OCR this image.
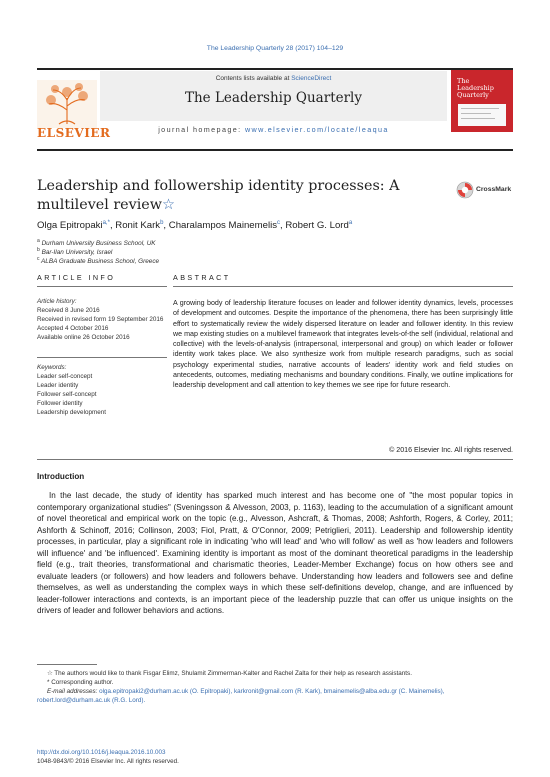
The Leadership Quarterly 28 (2017) 104–129
ELSEVIER
Contents lists available at ScienceDirect
The Leadership Quarterly
journal homepage: www.elsevier.com/locate/leaqua
The
Leadership
Quarterly
Leadership and followership identity processes: A multilevel review☆
CrossMark
Olga Epitropaki$^{a,*}$, Ronit Kark$^b$, Charalampos Mainemelis$^c$, Robert G. Lord$^a$
$^a$ Durham University Business School, UK
$^b$ Bar-Ilan University, Israel
$^c$ ALBA Graduate Business School, Greece
ARTICLE INFO	ABSTRACT
Article history:
Received 8 June 2016
Received in revised form 19 September 2016
Accepted 4 October 2016
Available online 26 October 2016
Keywords:
Leader self-concept
Leader identity
Follower self-concept
Follower identity
Leadership development
A growing body of leadership literature focuses on leader and follower identity dynamics, levels, processes of development and outcomes. Despite the importance of the phenomena, there has been surprisingly little effort to systematically review the widely dispersed literature on leader and follower identity. In this review we map existing studies on a multilevel framework that integrates levels-of-the self (individual, relational and collective) with the levels-of-analysis (intrapersonal, interpersonal and group) on which leader or follower identity work takes place. We also synthesize work from multiple research paradigms, such as social psychology experimental studies, narrative accounts of leaders' identity work and field studies on antecedents, outcomes, mediating mechanisms and boundary conditions. Finally, we outline implications for leadership development and call attention to key themes we see ripe for future research.
© 2016 Elsevier Inc. All rights reserved.
Introduction
In the last decade, the study of identity has sparked much interest and has become one of "the most popular topics in contemporary organizational studies" (Sveningsson & Alvesson, 2003, p. 1163), leading to the accumulation of a significant amount of novel theoretical and empirical work on the topic (e.g., Alvesson, Ashcraft, & Thomas, 2008; Ashforth, Rogers, & Corley, 2011; Ashforth & Schinoff, 2016; Collinson, 2003; Fiol, Pratt, & O'Connor, 2009; Petriglieri, 2011). Leadership and followership identity processes, in particular, play a significant role in indicating 'who will lead' and 'who will follow' as well as 'how leaders and followers will influence' and 'be influenced'. Examining identity is important as most of the dominant theoretical paradigms in the leadership field (e.g., trait theories, transformational and charismatic theories, Leader-Member Exchange) focus on how others see and evaluate leaders (or followers) and how leaders and followers behave. Understanding how leaders and followers see and define themselves, as well as understanding the complex ways in which these self-definitions develop, change, and are influenced by leader-follower interactions and contexts, is an important piece of the leadership puzzle that can offer us unique insights on the drivers of leader and follower behaviors and actions.
☆ The authors would like to thank Fisgar Elimz, Shulamit Zimmerman-Kalter and Rachel Zalta for their help as research assistants.
* Corresponding author.
E-mail addresses: olga.epitropaki2@durham.ac.uk (O. Epitropaki), karkronit@gmail.com (R. Kark), bmainemelis@alba.edu.gr (C. Mainemelis), robert.lord@durham.ac.uk (R.G. Lord).
http://dx.doi.org/10.1016/j.leaqua.2016.10.003
1048-9843/© 2016 Elsevier Inc. All rights reserved.
